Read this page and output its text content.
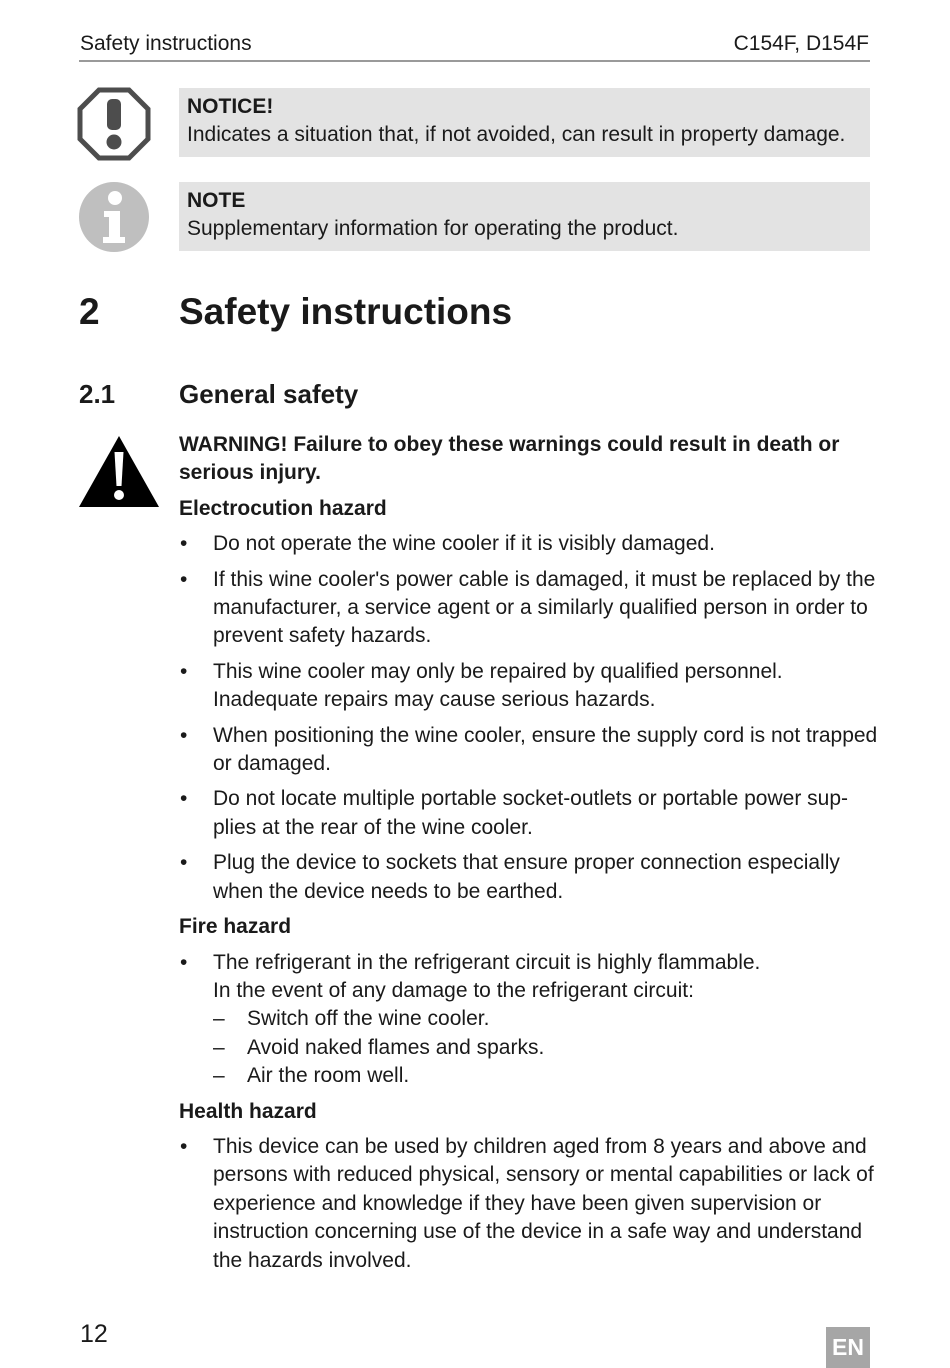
Safety instructions	C154F, D154F
NOTICE!
Indicates a situation that, if not avoided, can result in property damage.
NOTE
Supplementary information for operating the product.
2 Safety instructions
2.1 General safety
WARNING! Failure to obey these warnings could result in death or serious injury.
Electrocution hazard
• Do not operate the wine cooler if it is visibly damaged.
• If this wine cooler's power cable is damaged, it must be replaced by the manufacturer, a service agent or a similarly qualified person in order to prevent safety hazards.
• This wine cooler may only be repaired by qualified personnel. Inadequate repairs may cause serious hazards.
• When positioning the wine cooler, ensure the supply cord is not trapped or damaged.
• Do not locate multiple portable socket-outlets or portable power sup-plies at the rear of the wine cooler.
• Plug the device to sockets that ensure proper connection especially when the device needs to be earthed.
Fire hazard
• The refrigerant in the refrigerant circuit is highly flammable.
In the event of any damage to the refrigerant circuit:
– Switch off the wine cooler.
– Avoid naked flames and sparks.
– Air the room well.
Health hazard
• This device can be used by children aged from 8 years and above and persons with reduced physical, sensory or mental capabilities or lack of experience and knowledge if they have been given supervision or instruction concerning use of the device in a safe way and understand the hazards involved.
12	EN
